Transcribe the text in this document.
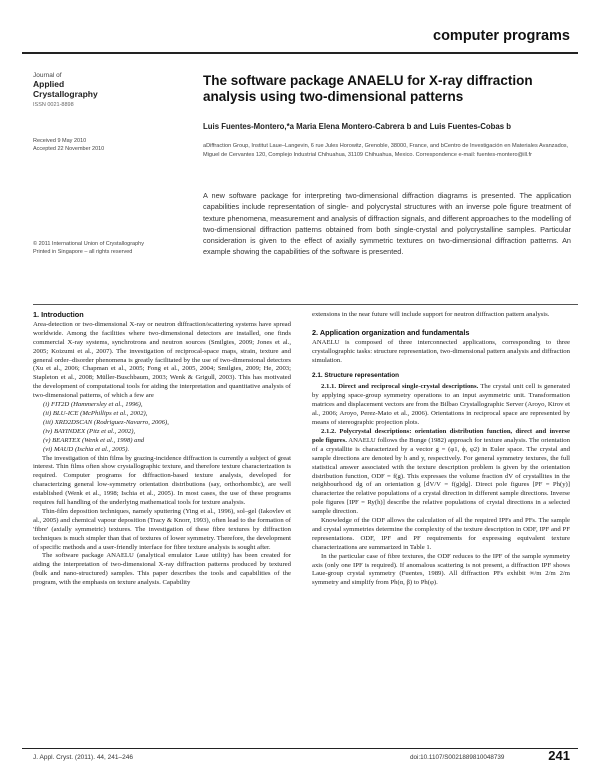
computer programs
Journal of
Applied
Crystallography
ISSN 0021-8898
Received 9 May 2010
Accepted 22 November 2010
© 2011 International Union of Crystallography
Printed in Singapore – all rights reserved
The software package ANAELU for X-ray diffraction analysis using two-dimensional patterns
Luis Fuentes-Montero,*a Maria Elena Montero-Cabrera b and Luis Fuentes-Cobas b
aDiffraction Group, Institut Laue–Langevin, 6 rue Jules Horowitz, Grenoble, 38000, France, and bCentro de Investigación en Materiales Avanzados, Miguel de Cervantes 120, Complejo Industrial Chihuahua, 31109 Chihuahua, Mexico. Correspondence e-mail: fuentes-montero@ill.fr
A new software package for interpreting two-dimensional diffraction diagrams is presented. The application capabilities include representation of single- and polycrystal structures with an inverse pole figure treatment of texture phenomena, measurement and analysis of diffraction signals, and different approaches to the modelling of two-dimensional diffraction patterns obtained from both single-crystal and polycrystalline samples. Particular consideration is given to the effect of axially symmetric textures on two-dimensional diffraction patterns. An example showing the capabilities of the software is presented.
1. Introduction

Area-detection or two-dimensional X-ray or neutron diffraction/scattering systems have spread worldwide. Among the facilities where two-dimensional detectors are installed, one finds commercial X-ray systems, synchrotrons and neutron sources (Smilgies, 2009; Jones et al., 2005; Koizumi et al., 2007). The investigation of reciprocal-space maps, strain, texture and general order–disorder phenomena is greatly facilitated by the use of two-dimensional detectors (Xu et al., 2006; Chapman et al., 2005; Fong et al., 2005, 2004; Smilgies, 2009; He, 2003; Stapleton et al., 2008; Müller-Buschbaum, 2003; Wenk & Grigull, 2003). This has motivated the development of computational tools for aiding the interpretation and quantitative analysis of two-dimensional patterns, of which a few are

(i) FIT2D (Hammersley et al., 1996),
(ii) BLU-ICE (McPhillips et al., 2002),
(iii) XRD2DSCAN (Rodriguez-Navarro, 2006),
(iv) BAYINDEX (Pitz et al., 2002),
(v) BEARTEX (Wenk et al., 1998) and
(vi) MAUD (Ischia et al., 2005).

The investigation of thin films by grazing-incidence diffraction is currently a subject of great interest. Thin films often show crystallographic texture, and therefore texture characterization is required. Computer programs for diffraction-based texture analysis, developed for characterizing general low-symmetry orientation distributions (say, orthorhombic), are well established (Wenk et al., 1998; Ischia et al., 2005). In most cases, the use of these programs requires full handling of the underlying mathematical tools for texture analysis.

Thin-film deposition techniques, namely sputtering (Ying et al., 1996), sol–gel (Iakovlev et al., 2005) and chemical vapour deposition (Tracy & Knorr, 1993), often lead to the formation of 'fibre' (axially symmetric) textures. The investigation of these fibre textures by diffraction techniques is much simpler than that of textures of lower symmetry. Therefore, the development of specific methods and a user-friendly interface for fibre texture analysis is sought after.

The software package ANAELU (analytical emulator Laue utility) has been created for aiding the interpretation of two-dimensional X-ray diffraction patterns produced by textured (bulk and nano-structured) samples. This paper describes the tools and capabilities of the program, with the emphasis on texture analysis. Capability

extensions in the near future will include support for neutron diffraction pattern analysis.

2. Application organization and fundamentals

ANAELU is composed of three interconnected applications, corresponding to three crystallographic tasks: structure representation, two-dimensional pattern analysis and diffraction simulation.

2.1. Structure representation

2.1.1. Direct and reciprocal single-crystal descriptions. The crystal unit cell is generated by applying space-group symmetry operations to an input asymmetric unit. Transformation matrices and displacement vectors are from the Bilbao Crystallographic Server (Aroyo, Kirov et al., 2006; Aroyo, Perez-Mato et al., 2006). Orientations in reciprocal space are represented by means of stereographic projection plots.

2.1.2. Polycrystal descriptions: orientation distribution function, direct and inverse pole figures. ANAELU follows the Bunge (1982) approach for texture analysis. The orientation of a crystallite is characterized by a vector g = (φ1, ϕ, φ2) in Euler space. The crystal and sample directions are denoted by h and y, respectively. For general symmetry textures, the full statistical answer associated with the texture description problem is given by the orientation distribution function, ODF = f(g). This expresses the volume fraction dV of crystallites in the neighbourhood dg of an orientation g [dV/V = f(g)dg]. Direct pole figures [PF = Ph(y)] characterize the relative populations of a crystal direction in different sample directions. Inverse pole figures [IPF = Ry(h)] describe the relative populations of crystal directions in a selected sample direction.

Knowledge of the ODF allows the calculation of all the required IPFs and PFs. The sample and crystal symmetries determine the complexity of the texture description in ODF, IPF and PF representations. ODF, IPF and PF requirements for expressing equivalent texture characterizations are summarized in Table 1.

In the particular case of fibre textures, the ODF reduces to the IPF of the sample symmetry axis (only one IPF is required). If anomalous scattering is not present, a diffraction IPF shows Laue-group crystal symmetry (Fuentes, 1989). All diffraction PFs exhibit ∞/m 2/m 2/m symmetry and simplify from Ph(α, β) to Ph(φ).

J. Appl. Cryst. (2011). 44, 241–246	doi:10.1107/S0021889810048739	241
